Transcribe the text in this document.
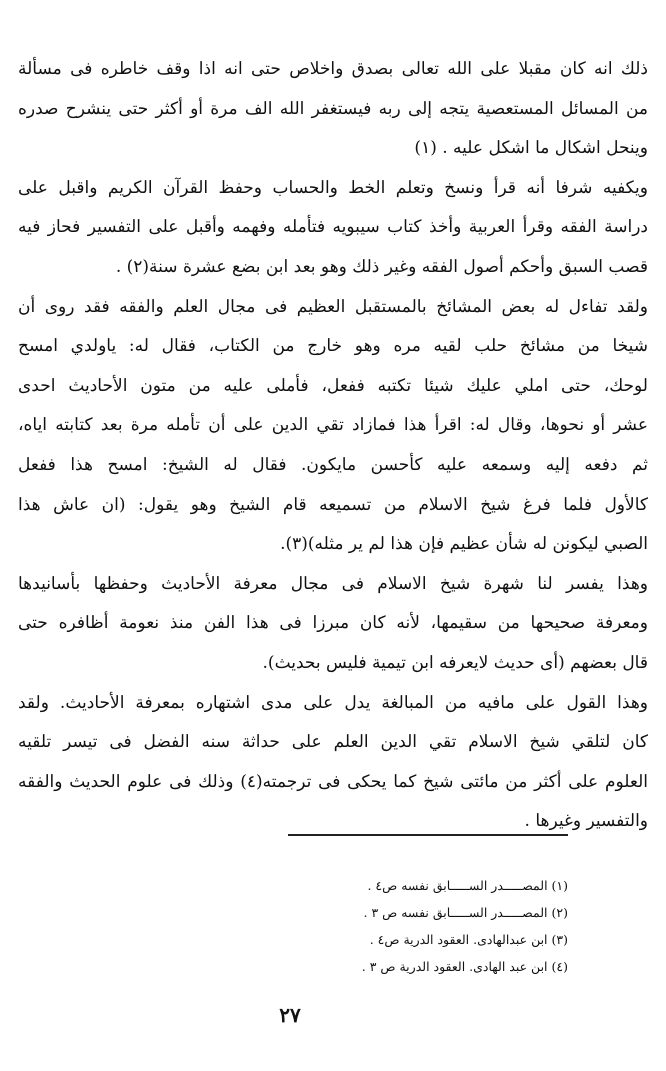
ذلك انه كان مقبلا على الله تعالى بصدق واخلاص حتى انه اذا وقف خاطره فى مسألة
من المسائل المستعصية يتجه إلى ربه فيستغفر الله الف مرة أو أكثر حتى ينشرح صدره
وينحل اشكال ما اشكل عليه . (١)
ويكفيه شرفا أنه قرأ ونسخ وتعلم الخط والحساب وحفظ القرآن الكريم واقبل على
دراسة الفقه وقرأ العربية وأخذ كتاب سيبويه فتأمله وفهمه وأقبل على التفسير فحاز فيه
قصب السبق وأحكم أصول الفقه وغير ذلك وهو بعد ابن بضع عشرة سنة(٢) .
ولقد تفاءل له بعض المشائخ بالمستقبل العظيم فى مجال العلم والفقه فقد روى أن
شيخا من مشائخ حلب لقيه مره وهو خارج من الكتاب، فقال له: ياولدي امسح
لوحك، حتى املي عليك شيئا تكتبه ففعل، فأملى عليه من متون الأحاديث احدى
عشر أو نحوها، وقال له: اقرأ هذا فمازاد تقي الدين على أن تأمله مرة بعد كتابته اياه،
ثم دفعه إليه وسمعه عليه كأحسن مايكون. فقال له الشيخ: امسح هذا ففعل
كالأول فلما فرغ شيخ الاسلام من تسميعه قام الشيخ وهو يقول: (ان عاش هذا
الصبي ليكونن له شأن عظيم فإن هذا لم ير مثله)(٣).
وهذا يفسر لنا شهرة شيخ الاسلام فى مجال معرفة الأحاديث وحفظها بأسانيدها
ومعرفة صحيحها من سقيمها، لأنه كان مبرزا فى هذا الفن منذ نعومة أظافره حتى
قال بعضهم (أى حديث لايعرفه ابن تيمية فليس بحديث).
وهذا القول على مافيه من المبالغة يدل على مدى اشتهاره بمعرفة الأحاديث. ولقد
كان لتلقي شيخ الاسلام تقي الدين العلم على حداثة سنه الفضل فى تيسر تلقيه
العلوم على أكثر من مائتى شيخ كما يحكى فى ترجمته(٤) وذلك فى علوم الحديث والفقه
والتفسير وغيرها .
(١) المصـــــدر الســـــابق نفسه ص٤ .
(٢) المصـــــدر الســـــابق نفسه ص ٣ .
(٣) ابن عبدالهادى. العقود الدرية ص٤ .
(٤) ابن عبد الهادى. العقود الدرية ص ٣ .
٢٧
